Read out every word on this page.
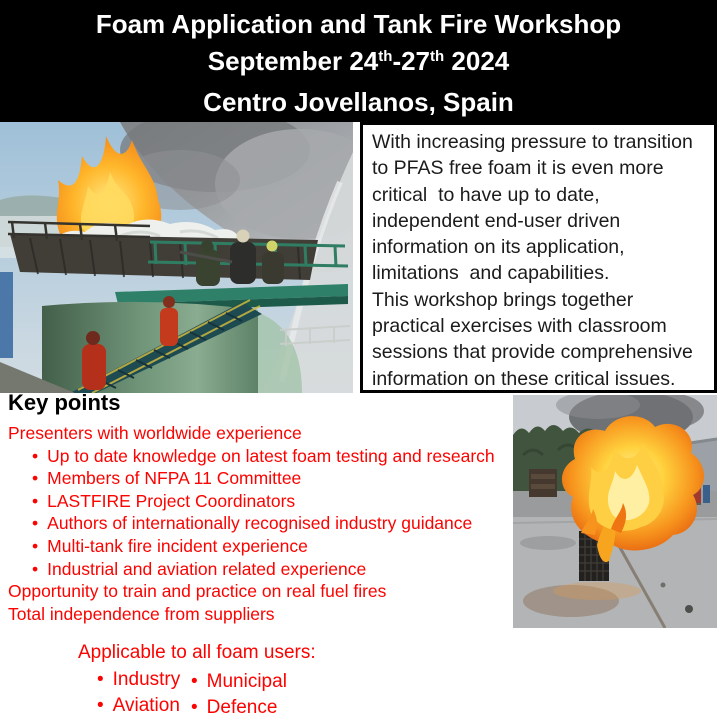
Foam Application and Tank Fire Workshop
September 24th-27th 2024
Centro Jovellanos, Spain
With increasing pressure to transition
to PFAS free foam it is even more
critical  to have up to date,
independent end-user driven
information on its application,
limitations  and capabilities.
This workshop brings together
practical exercises with classroom
sessions that provide comprehensive
information on these critical issues.
Key points
Presenters with worldwide experience
• Up to date knowledge on latest foam testing and research
• Members of NFPA 11 Committee
• LASTFIRE Project Coordinators
• Authors of internationally recognised industry guidance
• Multi-tank fire incident experience
• Industrial and aviation related experience
Opportunity to train and practice on real fuel fires
Total independence from suppliers
Applicable to all foam users:
• Industry
• Aviation
• Municipal
• Defence
